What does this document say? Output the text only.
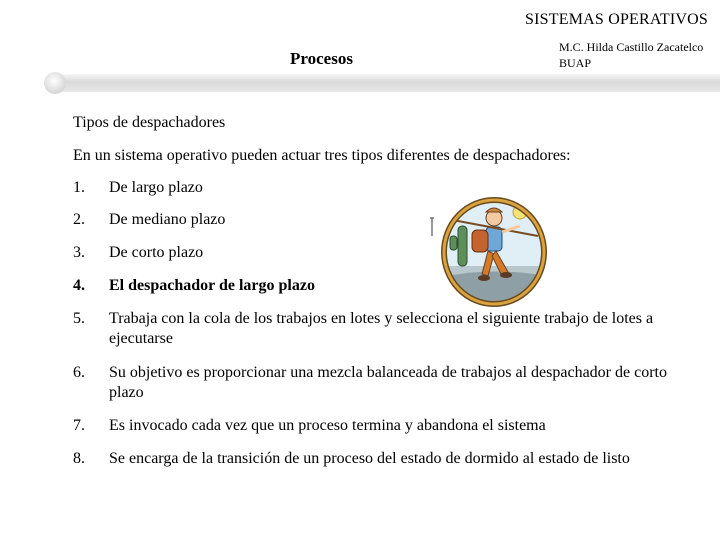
SISTEMAS OPERATIVOS
Procesos
M.C. Hilda Castillo Zacatelco
BUAP
Tipos de despachadores
En un sistema operativo pueden actuar tres tipos diferentes de despachadores:
1.	De largo plazo
2.	De mediano plazo
3.	De corto plazo
4.	El despachador de largo plazo
5.	Trabaja con la cola de los trabajos en lotes y selecciona el siguiente trabajo de lotes a ejecutarse
6.	Su objetivo es proporcionar una mezcla balanceada de trabajos al despachador de corto plazo
7.	Es invocado cada vez que un proceso termina y abandona el sistema
8.	Se encarga de la transición de un proceso del estado de dormido al estado de listo
